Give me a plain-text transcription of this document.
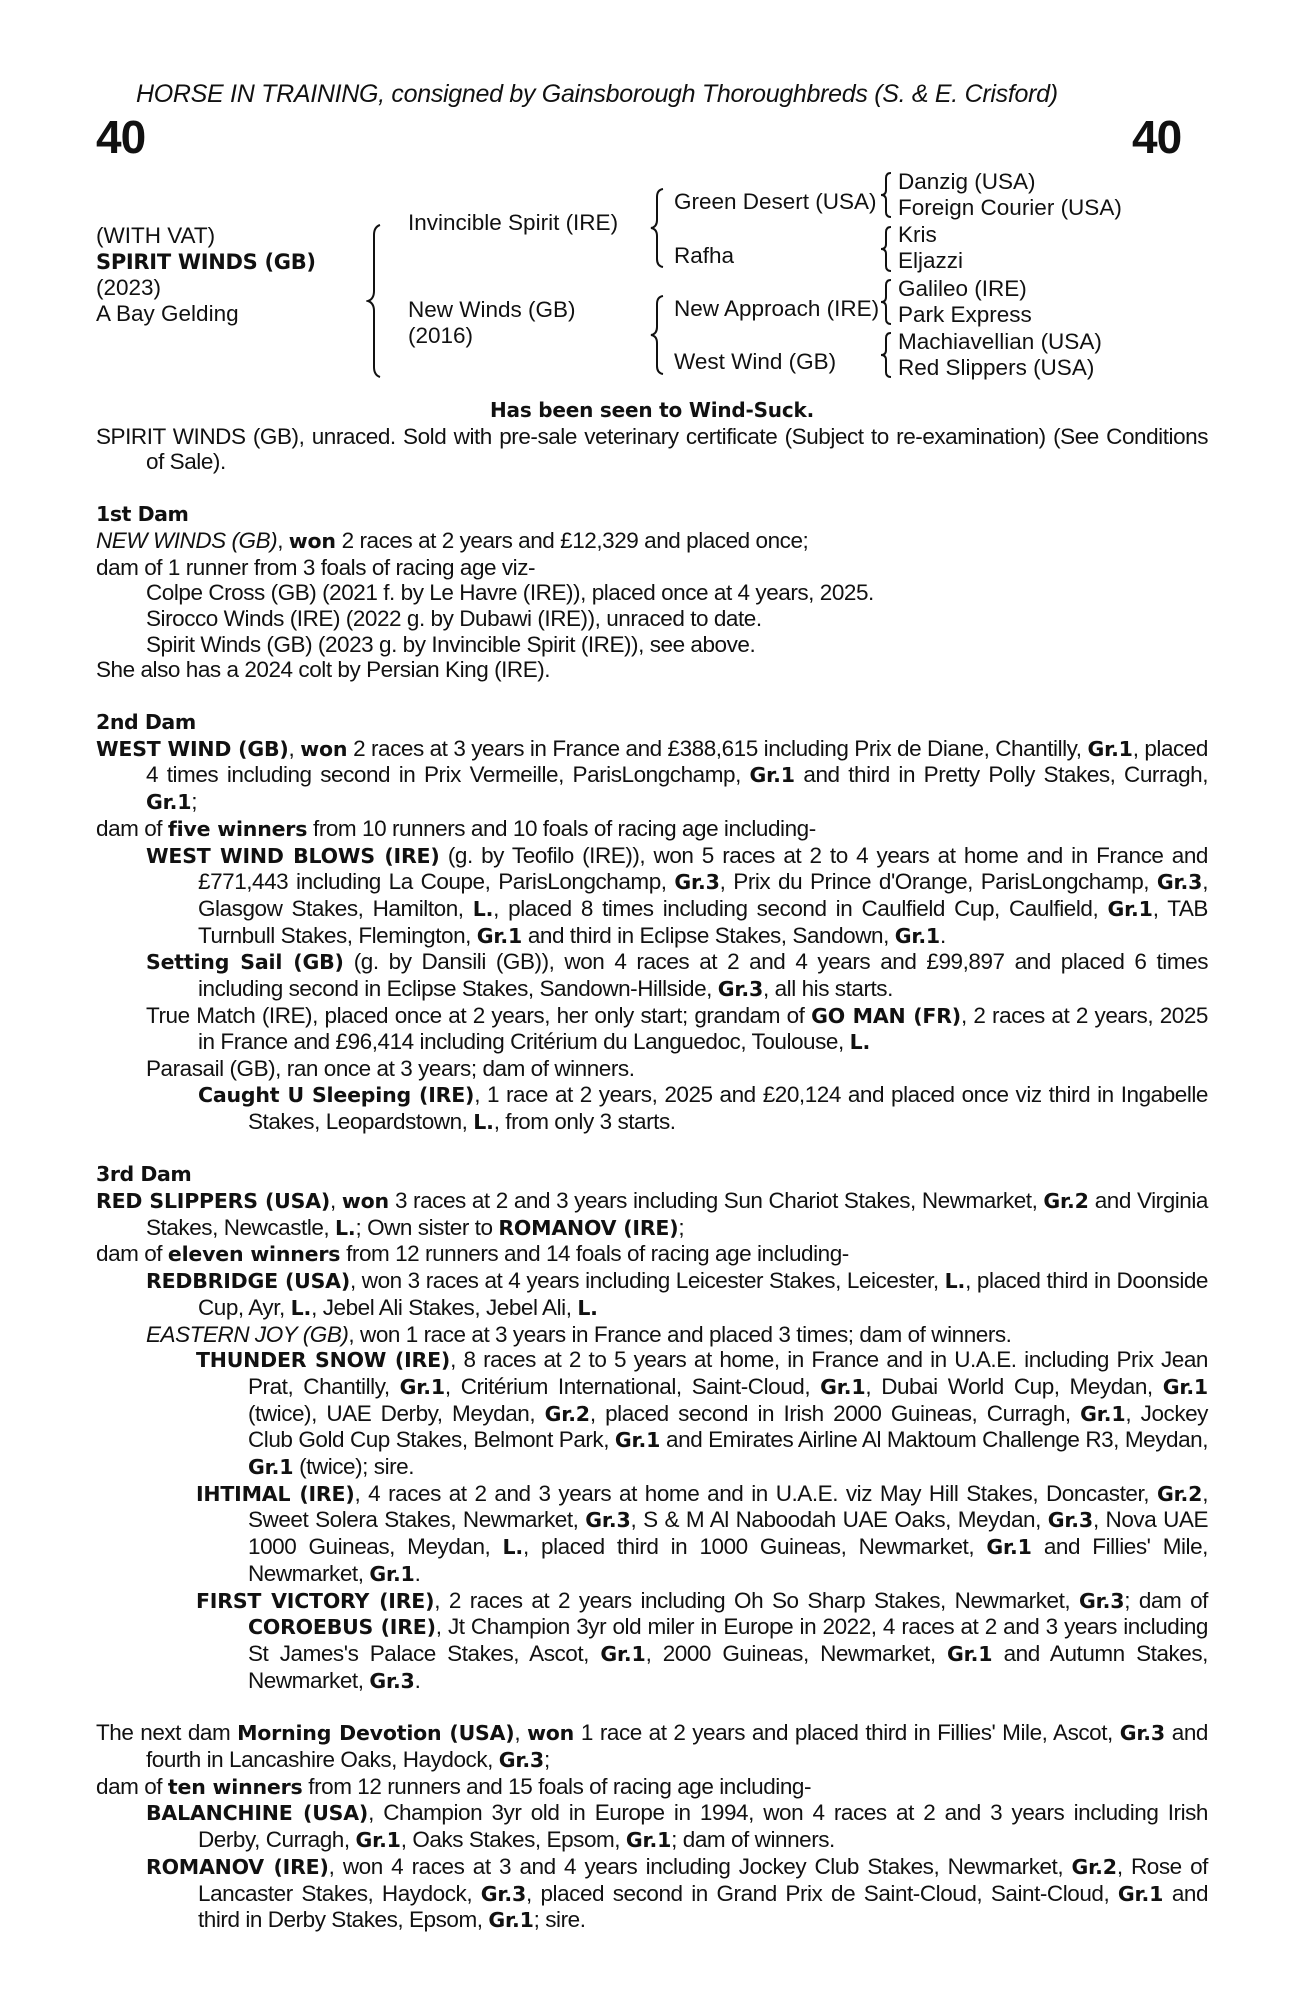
HORSE IN TRAINING, consigned by Gainsborough Thoroughbreds (S. & E. Crisford)
40	40
(WITH VAT)
SPIRIT WINDS (GB)
(2023)
A Bay Gelding
Invincible Spirit (IRE)
New Winds (GB)
(2016)
Green Desert (USA)
Rafha
New Approach (IRE)
West Wind (GB)
Danzig (USA)
Foreign Courier (USA)
Kris
Eljazzi
Galileo (IRE)
Park Express
Machiavellian (USA)
Red Slippers (USA)
Has been seen to Wind-Suck.
SPIRIT WINDS (GB), unraced. Sold with pre-sale veterinary certificate (Subject to re-examination) (See Conditions of Sale).
1st Dam
NEW WINDS (GB), won 2 races at 2 years and £12,329 and placed once;
dam of 1 runner from 3 foals of racing age viz-
Colpe Cross (GB) (2021 f. by Le Havre (IRE)), placed once at 4 years, 2025.
Sirocco Winds (IRE) (2022 g. by Dubawi (IRE)), unraced to date.
Spirit Winds (GB) (2023 g. by Invincible Spirit (IRE)), see above.
She also has a 2024 colt by Persian King (IRE).
2nd Dam
WEST WIND (GB), won 2 races at 3 years in France and £388,615 including Prix de Diane, Chantilly, Gr.1, placed 4 times including second in Prix Vermeille, ParisLongchamp, Gr.1 and third in Pretty Polly Stakes, Curragh, Gr.1;
dam of five winners from 10 runners and 10 foals of racing age including-
WEST WIND BLOWS (IRE) (g. by Teofilo (IRE)), won 5 races at 2 to 4 years at home and in France and £771,443 including La Coupe, ParisLongchamp, Gr.3, Prix du Prince d'Orange, ParisLongchamp, Gr.3, Glasgow Stakes, Hamilton, L., placed 8 times including second in Caulfield Cup, Caulfield, Gr.1, TAB Turnbull Stakes, Flemington, Gr.1 and third in Eclipse Stakes, Sandown, Gr.1.
Setting Sail (GB) (g. by Dansili (GB)), won 4 races at 2 and 4 years and £99,897 and placed 6 times including second in Eclipse Stakes, Sandown-Hillside, Gr.3, all his starts.
True Match (IRE), placed once at 2 years, her only start; grandam of GO MAN (FR), 2 races at 2 years, 2025 in France and £96,414 including Critérium du Languedoc, Toulouse, L.
Parasail (GB), ran once at 3 years; dam of winners.
Caught U Sleeping (IRE), 1 race at 2 years, 2025 and £20,124 and placed once viz third in Ingabelle Stakes, Leopardstown, L., from only 3 starts.
3rd Dam
RED SLIPPERS (USA), won 3 races at 2 and 3 years including Sun Chariot Stakes, Newmarket, Gr.2 and Virginia Stakes, Newcastle, L.; Own sister to ROMANOV (IRE);
dam of eleven winners from 12 runners and 14 foals of racing age including-
REDBRIDGE (USA), won 3 races at 4 years including Leicester Stakes, Leicester, L., placed third in Doonside Cup, Ayr, L., Jebel Ali Stakes, Jebel Ali, L.
EASTERN JOY (GB), won 1 race at 3 years in France and placed 3 times; dam of winners.
THUNDER SNOW (IRE), 8 races at 2 to 5 years at home, in France and in U.A.E. including Prix Jean Prat, Chantilly, Gr.1, Critérium International, Saint-Cloud, Gr.1, Dubai World Cup, Meydan, Gr.1 (twice), UAE Derby, Meydan, Gr.2, placed second in Irish 2000 Guineas, Curragh, Gr.1, Jockey Club Gold Cup Stakes, Belmont Park, Gr.1 and Emirates Airline Al Maktoum Challenge R3, Meydan, Gr.1 (twice); sire.
IHTIMAL (IRE), 4 races at 2 and 3 years at home and in U.A.E. viz May Hill Stakes, Doncaster, Gr.2, Sweet Solera Stakes, Newmarket, Gr.3, S & M Al Naboodah UAE Oaks, Meydan, Gr.3, Nova UAE 1000 Guineas, Meydan, L., placed third in 1000 Guineas, Newmarket, Gr.1 and Fillies' Mile, Newmarket, Gr.1.
FIRST VICTORY (IRE), 2 races at 2 years including Oh So Sharp Stakes, Newmarket, Gr.3; dam of COROEBUS (IRE), Jt Champion 3yr old miler in Europe in 2022, 4 races at 2 and 3 years including St James's Palace Stakes, Ascot, Gr.1, 2000 Guineas, Newmarket, Gr.1 and Autumn Stakes, Newmarket, Gr.3.
The next dam Morning Devotion (USA), won 1 race at 2 years and placed third in Fillies' Mile, Ascot, Gr.3 and fourth in Lancashire Oaks, Haydock, Gr.3;
dam of ten winners from 12 runners and 15 foals of racing age including-
BALANCHINE (USA), Champion 3yr old in Europe in 1994, won 4 races at 2 and 3 years including Irish Derby, Curragh, Gr.1, Oaks Stakes, Epsom, Gr.1; dam of winners.
ROMANOV (IRE), won 4 races at 3 and 4 years including Jockey Club Stakes, Newmarket, Gr.2, Rose of Lancaster Stakes, Haydock, Gr.3, placed second in Grand Prix de Saint-Cloud, Saint-Cloud, Gr.1 and third in Derby Stakes, Epsom, Gr.1; sire.
